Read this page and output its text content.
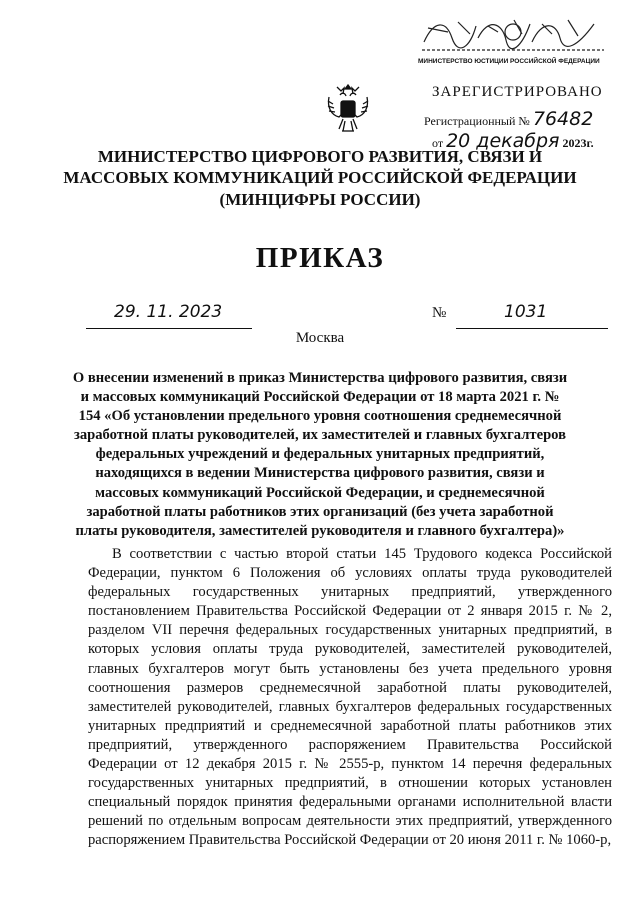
МИНИСТЕРСТВО ЮСТИЦИИ РОССИЙСКОЙ ФЕДЕРАЦИИ
ЗАРЕГИСТРИРОВАНО
Регистрационный № 76482
от 20 декабря 2023г.
МИНИСТЕРСТВО ЦИФРОВОГО РАЗВИТИЯ, СВЯЗИ И МАССОВЫХ КОММУНИКАЦИЙ РОССИЙСКОЙ ФЕДЕРАЦИИ
(МИНЦИФРЫ РОССИИ)
ПРИКАЗ
29. 11. 2023	№	1031
Москва
О внесении изменений в приказ Министерства цифрового развития, связи и массовых коммуникаций Российской Федерации от 18 марта 2021 г. № 154 «Об установлении предельного уровня соотношения среднемесячной заработной платы руководителей, их заместителей и главных бухгалтеров федеральных учреждений и федеральных унитарных предприятий, находящихся в ведении Министерства цифрового развития, связи и массовых коммуникаций Российской Федерации, и среднемесячной заработной платы работников этих организаций (без учета заработной платы руководителя, заместителей руководителя и главного бухгалтера)»
В соответствии с частью второй статьи 145 Трудового кодекса Российской Федерации, пунктом 6 Положения об условиях оплаты труда руководителей федеральных государственных унитарных предприятий, утвержденного постановлением Правительства Российской Федерации от 2 января 2015 г. № 2, разделом VII перечня федеральных государственных унитарных предприятий, в которых условия оплаты труда руководителей, заместителей руководителей, главных бухгалтеров могут быть установлены без учета предельного уровня соотношения размеров среднемесячной заработной платы руководителей, заместителей руководителей, главных бухгалтеров федеральных государственных унитарных предприятий и среднемесячной заработной платы работников этих предприятий, утвержденного распоряжением Правительства Российской Федерации от 12 декабря 2015 г. № 2555-р, пунктом 14 перечня федеральных государственных унитарных предприятий, в отношении которых установлен специальный порядок принятия федеральными органами исполнительной власти решений по отдельным вопросам деятельности этих предприятий, утвержденного распоряжением Правительства Российской Федерации от 20 июня 2011 г. № 1060-р,
